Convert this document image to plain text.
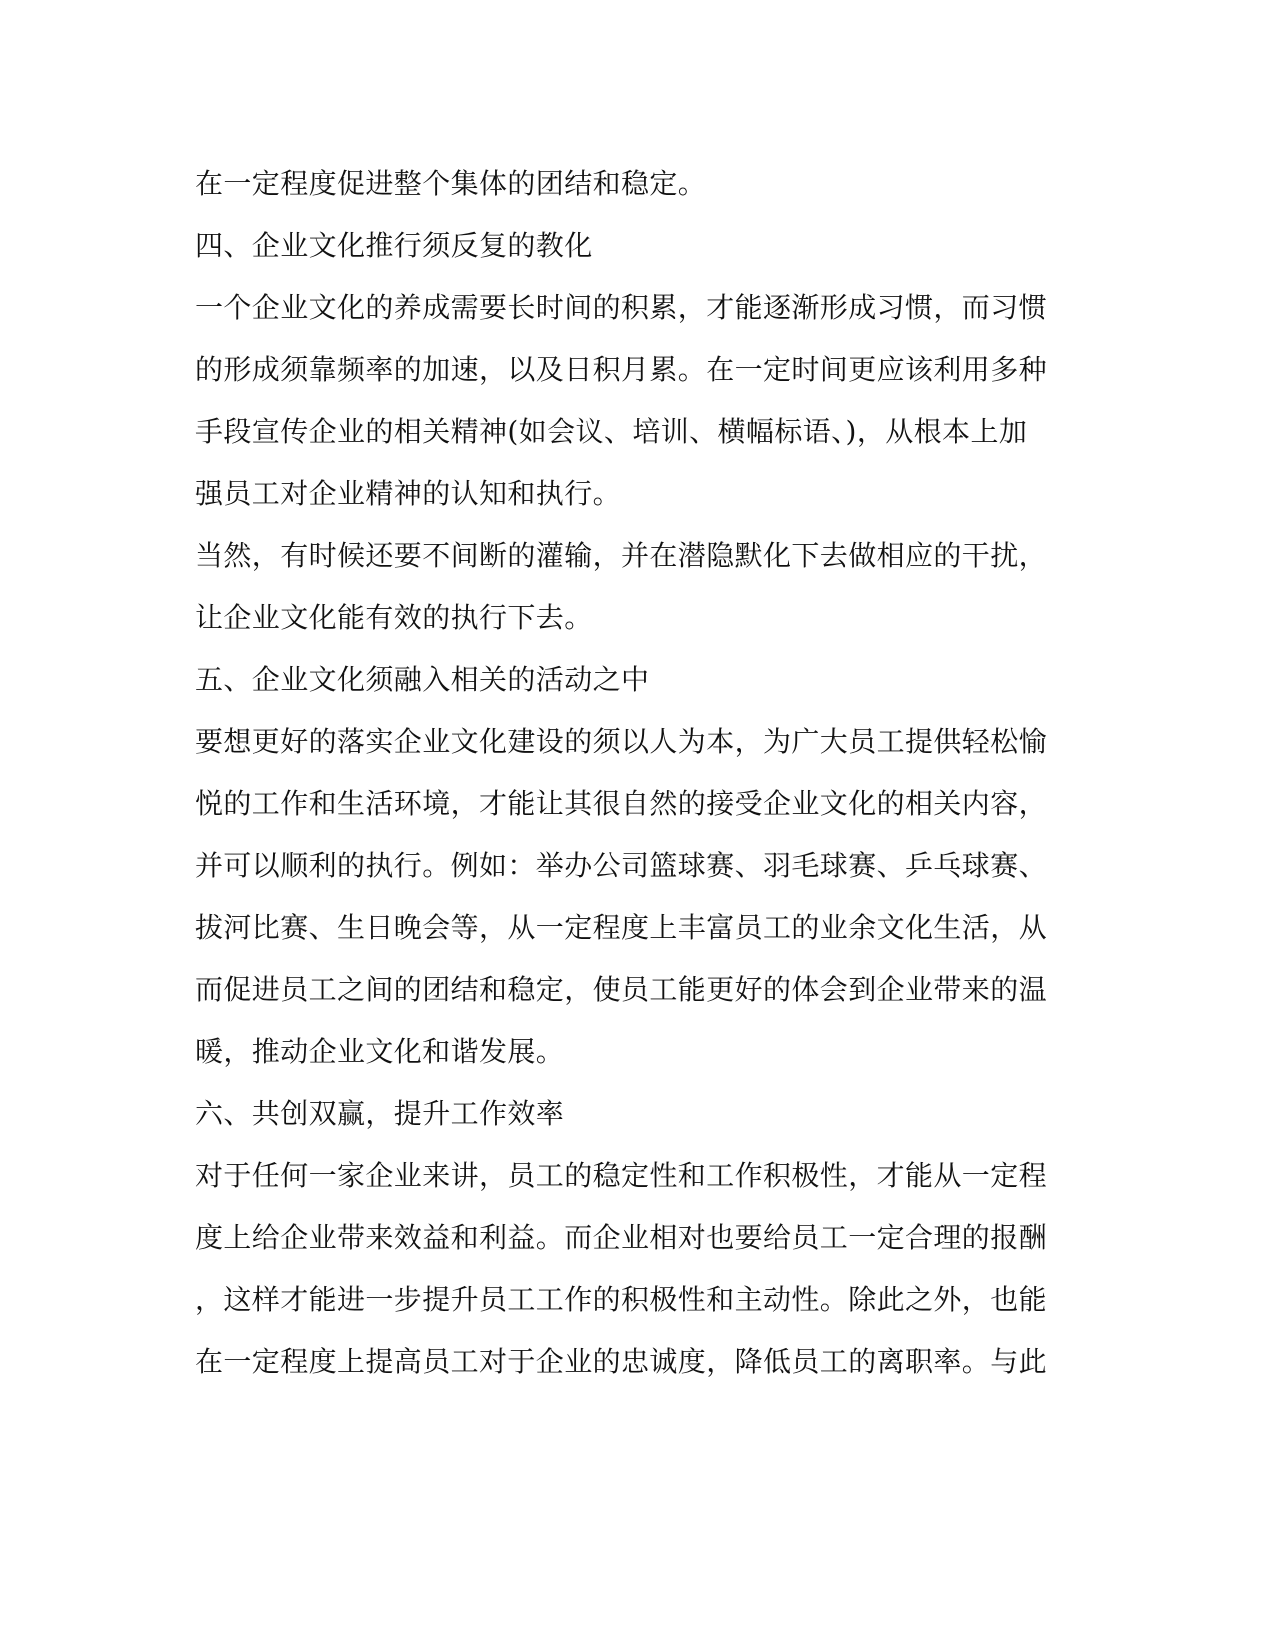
在一定程度促进整个集体的团结和稳定。
四、企业文化推行须反复的教化
一个企业文化的养成需要长时间的积累，才能逐渐形成习惯，而习惯
的形成须靠频率的加速，以及日积月累。在一定时间更应该利用多种
手段宣传企业的相关精神(如会议、培训、横幅标语、)，从根本上加
强员工对企业精神的认知和执行。
当然，有时候还要不间断的灌输，并在潜隐默化下去做相应的干扰，
让企业文化能有效的执行下去。
五、企业文化须融入相关的活动之中
要想更好的落实企业文化建设的须以人为本，为广大员工提供轻松愉
悦的工作和生活环境，才能让其很自然的接受企业文化的相关内容，
并可以顺利的执行。例如：举办公司篮球赛、羽毛球赛、乒乓球赛、
拔河比赛、生日晚会等，从一定程度上丰富员工的业余文化生活，从
而促进员工之间的团结和稳定，使员工能更好的体会到企业带来的温
暖，推动企业文化和谐发展。
六、共创双赢，提升工作效率
对于任何一家企业来讲，员工的稳定性和工作积极性，才能从一定程
度上给企业带来效益和利益。而企业相对也要给员工一定合理的报酬
，这样才能进一步提升员工工作的积极性和主动性。除此之外，也能
在一定程度上提高员工对于企业的忠诚度，降低员工的离职率。与此
